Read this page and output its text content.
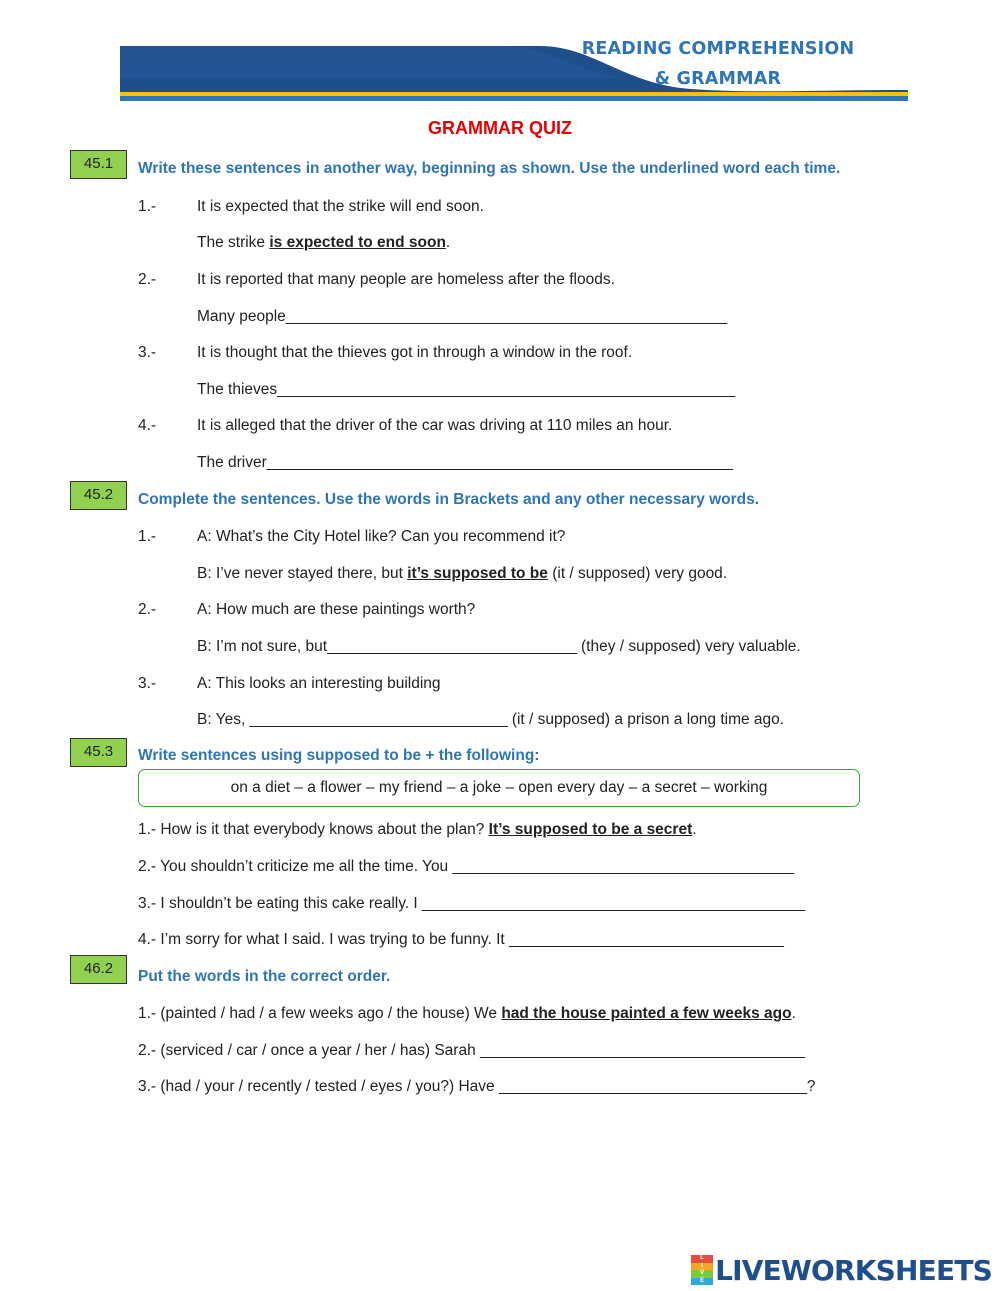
READING COMPREHENSION
& GRAMMAR
GRAMMAR QUIZ
45.1	Write these sentences in another way, beginning as shown. Use the underlined word each time.
1.-	It is expected that the strike will end soon.
The strike is expected to end soon.
2.-	It is reported that many people are homeless after the floods.
Many people_____________________________________________________
3.-	It is thought that the thieves got in through a window in the roof.
The thieves_______________________________________________________
4.-	It is alleged that the driver of the car was driving at 110 miles an hour.
The driver________________________________________________________
45.2	Complete the sentences. Use the words in Brackets and any other necessary words.
1.-	A: What’s the City Hotel like? Can you recommend it?
B: I’ve never stayed there, but it’s supposed to be (it / supposed) very good.
2.-	A: How much are these paintings worth?
B: I’m not sure, but______________________________ (they / supposed) very valuable.
3.-	A: This looks an interesting building
B: Yes, _______________________________ (it / supposed) a prison a long time ago.
45.3	Write sentences using supposed to be + the following:
on a diet – a flower – my friend – a joke – open every day – a secret – working
1.- How is it that everybody knows about the plan? It’s supposed to be a secret.
2.- You shouldn’t criticize me all the time. You _________________________________________
3.- I shouldn’t be eating this cake really. I ______________________________________________
4.- I’m sorry for what I said. I was trying to be funny. It _________________________________
46.2	Put the words in the correct order.
1.- (painted / had / a few weeks ago / the house) We had the house painted a few weeks ago.
2.- (serviced / car / once a year / her / has) Sarah _______________________________________
3.- (had / your / recently / tested / eyes / you?) Have _____________________________________?
L
I
V
E LIVEWORKSHEETS
